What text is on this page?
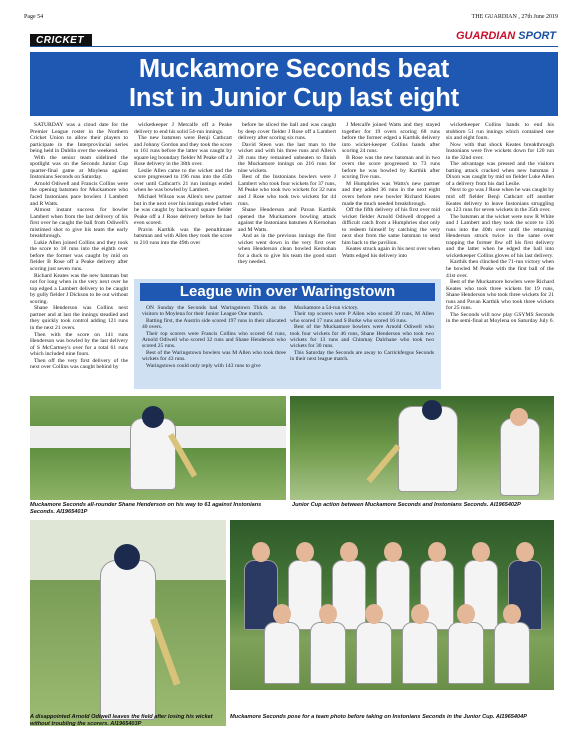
Page 54	THE GUARDIAN , 27th June 2019
CRICKET	GUARDIAN SPORT
Muckamore Seconds beat
Inst in Junior Cup last eight

SATURDAY was a cloud date for the Premier League roster in the Northern Cricket Union to allow their players to participate in the Interprovincial series being held in Dublin over the weekend.

With the senior team sidelined the spotlight was on the Seconds Junior Cup quarter-final game at Moylena against Instonians Seconds on Saturday.

Arnold Odiwell and Francis Collins were the opening batsmen for Muckamore who faced Instonians pace bowlers J Lambert and R Watts.

Almost instant success for bowler Lambert when from the last delivery of his first over he caught the ball from Odiwell's mistimed shot to give his team the early breakthrough.

Lukie Allen joined Collins and they took the score to 18 runs into the eighth over before the former was caught by mid on fielder B Rose off a Peake delivery after scoring just seven runs.

Richard Keates was the new batsman but not for long when in the very next over he top edged a Lambert delivery to be caught by gully fielder J Dickson to be out without scoring.

Shane Henderson was Collins next partner and at last the innings steadied and they quickly took control adding 121 runs in the next 21 overs.

Then with the score on 141 runs Henderson was bowled by the last delivery of S McCartney's over for a total 61 runs which included nine fours.

Then off the very first delivery of the next over Collins was caught behind by

wicketkeeper J Metcalfe off a Peake delivery to end his solid 54-run innings.

The new batsmen were Benji Cathcart and Johnny Gordon and they took the score to 161 runs before the latter was caught by square leg boundary fielder M Peake off a J Rose delivery in the 38th over.

Leslie Allen came to the wicket and the score progressed to 196 runs into the 45th over until Cathcart's 21 run innings ended when he was bowled by Lambert.

Michael Wilson was Allen's new partner but in the next over his innings ended when he was caught by backward square fielder Peake off a J Rose delivery before he had even scored.

Pravin Karthik was the penultimate batsman and with Allen they took the score to 210 runs into the 49th over

before he sliced the ball and was caught by deep cover fielder J Rose off a Lambert delivery after scoring six runs.

David Steen was the last man to the wicket and with his three runs and Allen's 28 runs they remained unbeaten to finish the Muckamore innings on 216 runs for nine wickets.

Best of the Instonians bowlers were J Lambert who took four wickets for 37 runs, M Peake who took two wickets for 32 runs and J Rose who took two wickets for 44 runs.

Shane Henderson and Pavan Karthik opened the Muckamore bowling attack against the Instonians batsmen A Kernohan and M Watts.

And as in the previous innings the first wicket went down in the very first over when Henderson clean bowled Kernohan for a duck to give his team the good start they needed.

J Metcalfe joined Watts and they stayed together for 19 overs scoring 68 runs before the former edged a Karthik delivery into wicket-keeper Collins hands after scoring 24 runs.

B Rose was the new batsman and in two overs the score progressed to 73 runs before he was bowled by Karthik after scoring five runs.

M Humphries was Watts's new partner and they added 36 runs in the next eight overs before new bowler Richard Keates made the much needed breakthrough.

Off the fifth delivery of his first over mid wicket fielder Arnold Odiwell dropped a difficult catch from a Humphries shot only to redeem himself by catching the very next shot from the same batsman to send him back to the pavilion.

Keates struck again in his next over when Watts edged his delivery into

wicketkeeper Collins hands to end his stubborn 51 run innings which contained one six and eight fours.

Now with that shock Keates breakthrough Instonians were five wickets down for 120 run in the 32nd over.

The advantage was pressed and the visitors batting attack cracked when new batsman J Dixon was caught by mid on fielder Luke Allen of a delivery from his dad Leslie.

Next to go was J Rose when he was caught by mid off fielder Benji Cathcart off another Keates delivery to leave Instonians struggling on 123 runs for seven wickets in the 35th over.

The batsmen at the wicket were now R White and J Lambert and they took the score to 136 runs into the 40th over until the returning Henderson struck twice in the same over trapping the former lbw off his first delivery and the latter when he edged the ball into wicketkeeper Collins gloves of his last delivery.

Karthik then clinched the 71-run victory when he bowled M Peake with the first ball of the 41st over.

Best of the Muckamore bowlers were Richard Keates who took three wickets for 19 runs, Shane Henderson who took three wickets for 21 runs and Pavan Karthik who took three wickets for 25 runs.

The Seconds will now play GSYMS Seconds in the semi-final at Moylena on Saturday July 6.

League win over Waringstown

ON Sunday the Seconds had Waringstown Thirds as the visitors to Moylena for their Junior League One match.

Batting first, the Austrin side scored 197 runs in their allocated 40 overs.

Their top scorers were Francis Collins who scored 64 runs, Arnold Odiwell who scored 32 runs and Shane Henderson who scored 25 runs.

Best of the Waringstown bowlers was M Allen who took three wickets for 43 runs.

Waringstown could only reply with 143 runs to give

Muckamore a 54-run victory.

Their top scorers were P Allen who scored 39 runs, M Allen who scored 17 runs and S Burke who scored 16 runs.

Best of the Muckamore bowlers were Arnold Odiwell who took four wickets for 46 runs, Shane Henderson who took two wickets for 13 runs and Chinmay Dalchane who took two wickets for 30 runs.

This Saturday the Seconds are away to Carrickfergus Seconds in their next league match.

Muckamore Seconds all-rounder Shane Henderson on his way to 61 against Instonians Seconds. AI1965401P
Junior Cup action between Muckamore Seconds and Instonians Seconds. AI1965402P
A disappointed Arnold Odiwell leaves the field after losing his wicket without troubling the scorers. AI1965403P
Muckamore Seconds pose for a team photo before taking on Instonians Seconds in the Junior Cup. AI1965404P
